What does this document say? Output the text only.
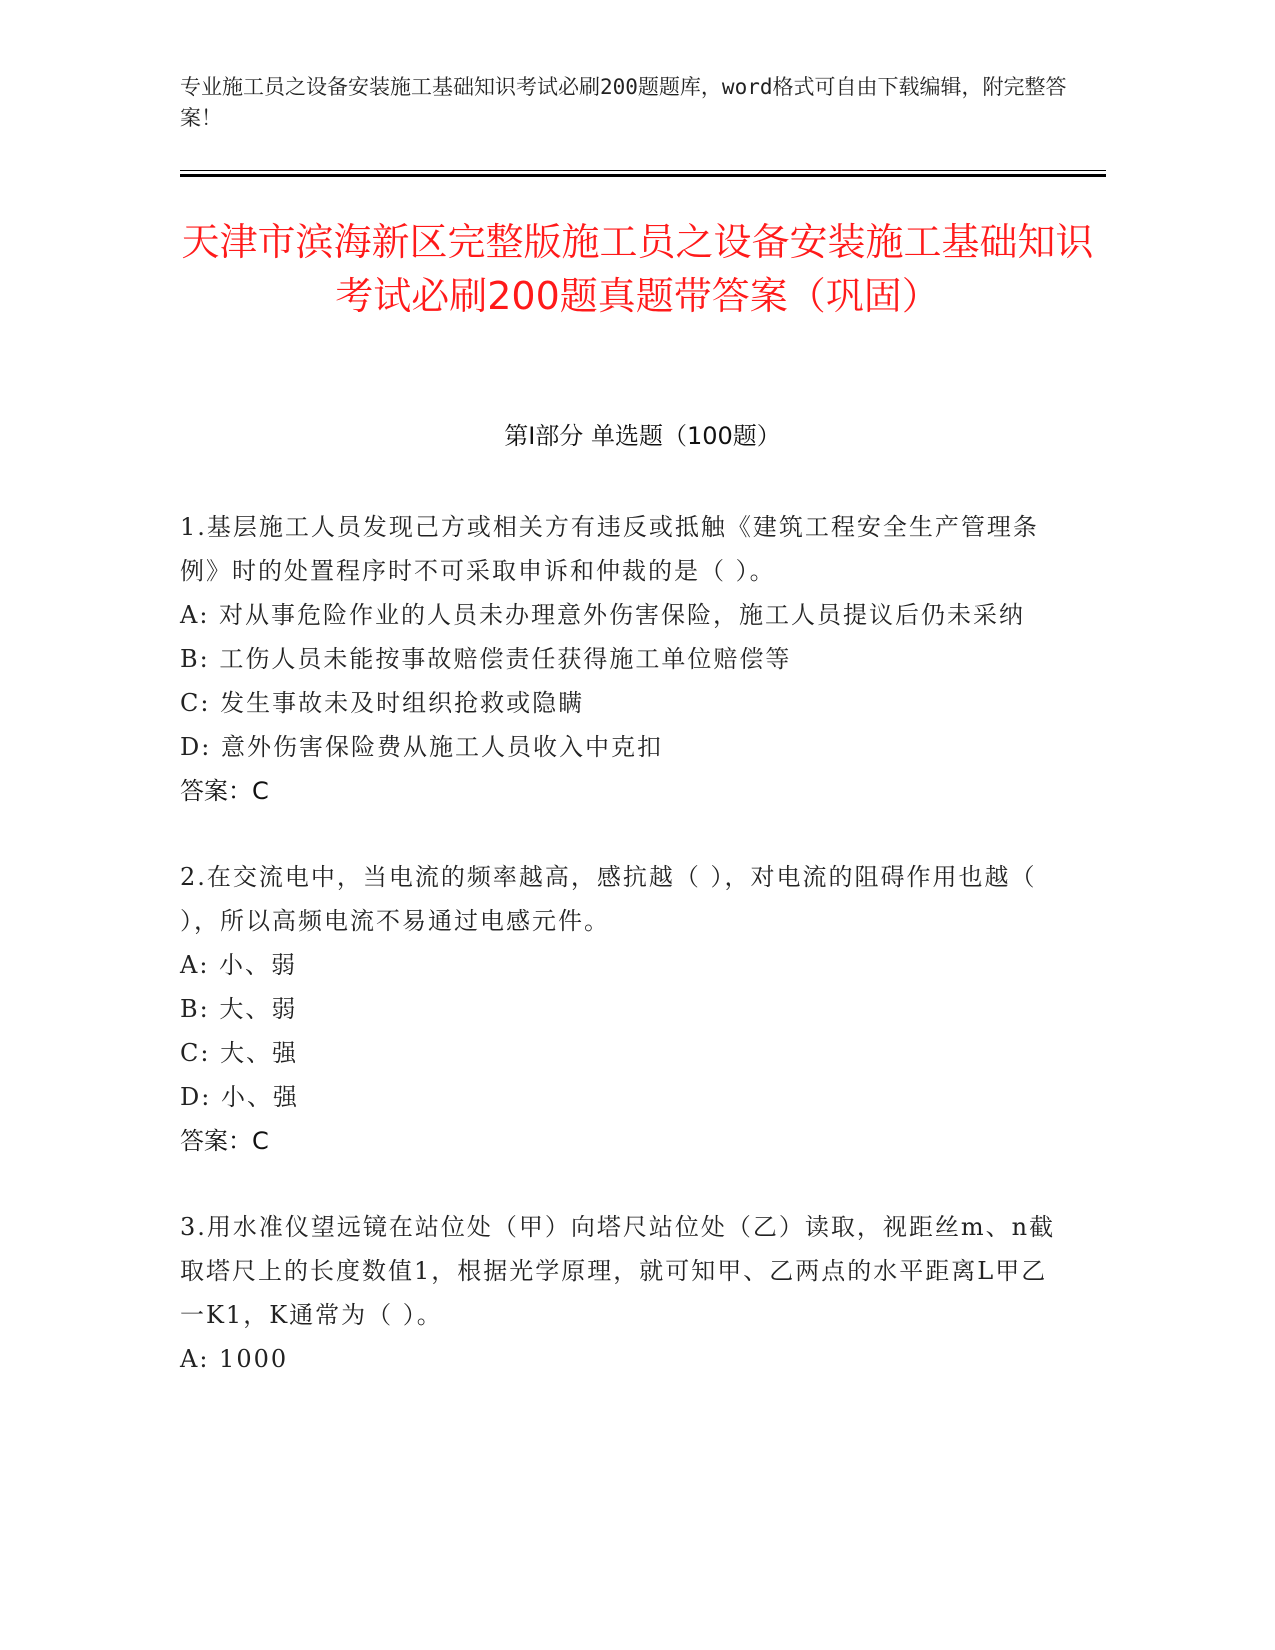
专业施工员之设备安装施工基础知识考试必刷200题题库，word格式可自由下载编辑，附完整答案！
天津市滨海新区完整版施工员之设备安装施工基础知识考试必刷200题真题带答案（巩固）
第Ⅰ部分 单选题（100题）

1.基层施工人员发现己方或相关方有违反或抵触《建筑工程安全生产管理条例》时的处置程序时不可采取申诉和仲裁的是（ ）。

A: 对从事危险作业的人员未办理意外伤害保险，施工人员提议后仍未采纳

B: 工伤人员未能按事故赔偿责任获得施工单位赔偿等

C: 发生事故未及时组织抢救或隐瞒

D: 意外伤害保险费从施工人员收入中克扣

答案：C

2.在交流电中，当电流的频率越高，感抗越（ ），对电流的阻碍作用也越（ ），所以高频电流不易通过电感元件。

A: 小、弱

B: 大、弱

C: 大、强

D: 小、强

答案：C

3.用水准仪望远镜在站位处（甲）向塔尺站位处（乙）读取，视距丝m、n截取塔尺上的长度数值1，根据光学原理，就可知甲、乙两点的水平距离L甲乙一K1，K通常为（ ）。

A: 1000
